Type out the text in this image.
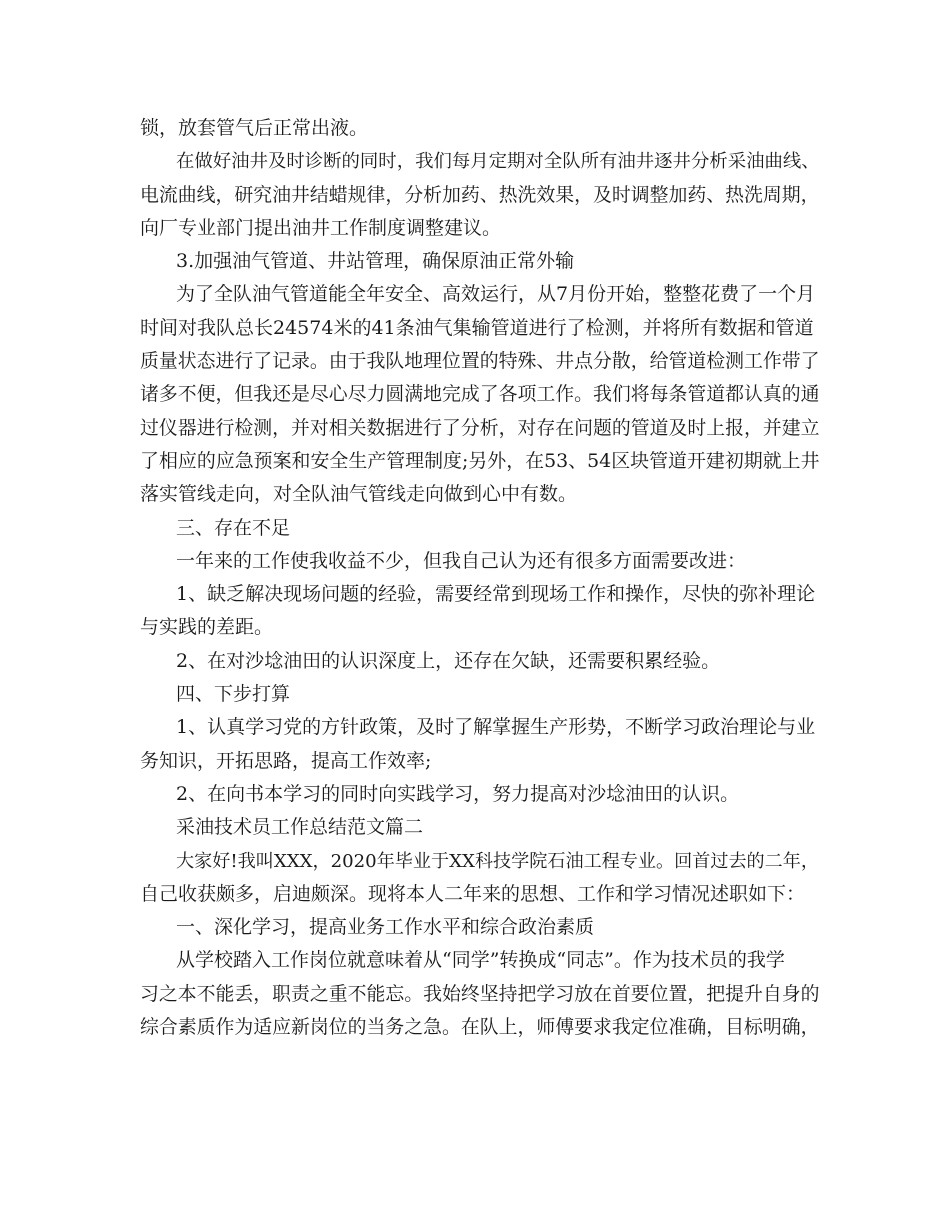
锁，放套管气后正常出液。
在做好油井及时诊断的同时，我们每月定期对全队所有油井逐井分析采油曲线、
电流曲线，研究油井结蜡规律，分析加药、热洗效果，及时调整加药、热洗周期，
向厂专业部门提出油井工作制度调整建议。
3.加强油气管道、井站管理，确保原油正常外输
为了全队油气管道能全年安全、高效运行，从7月份开始，整整花费了一个月
时间对我队总长24574米的41条油气集输管道进行了检测，并将所有数据和管道
质量状态进行了记录。由于我队地理位置的特殊、井点分散，给管道检测工作带了
诸多不便，但我还是尽心尽力圆满地完成了各项工作。我们将每条管道都认真的通
过仪器进行检测，并对相关数据进行了分析，对存在问题的管道及时上报，并建立
了相应的应急预案和安全生产管理制度;另外，在53、54区块管道开建初期就上井
落实管线走向，对全队油气管线走向做到心中有数。
三、存在不足
一年来的工作使我收益不少，但我自己认为还有很多方面需要改进：
1、缺乏解决现场问题的经验，需要经常到现场工作和操作，尽快的弥补理论
与实践的差距。
2、在对沙埝油田的认识深度上，还存在欠缺，还需要积累经验。
四、下步打算
1、认真学习党的方针政策，及时了解掌握生产形势，不断学习政治理论与业
务知识，开拓思路，提高工作效率;
2、在向书本学习的同时向实践学习，努力提高对沙埝油田的认识。
采油技术员工作总结范文篇二
大家好!我叫XXX，2020年毕业于XX科技学院石油工程专业。回首过去的二年，
自己收获颇多，启迪颇深。现将本人二年来的思想、工作和学习情况述职如下：
一、深化学习，提高业务工作水平和综合政治素质
从学校踏入工作岗位就意味着从“同学”转换成“同志”。作为技术员的我学
习之本不能丢，职责之重不能忘。我始终坚持把学习放在首要位置，把提升自身的
综合素质作为适应新岗位的当务之急。在队上，师傅要求我定位准确，目标明确，
